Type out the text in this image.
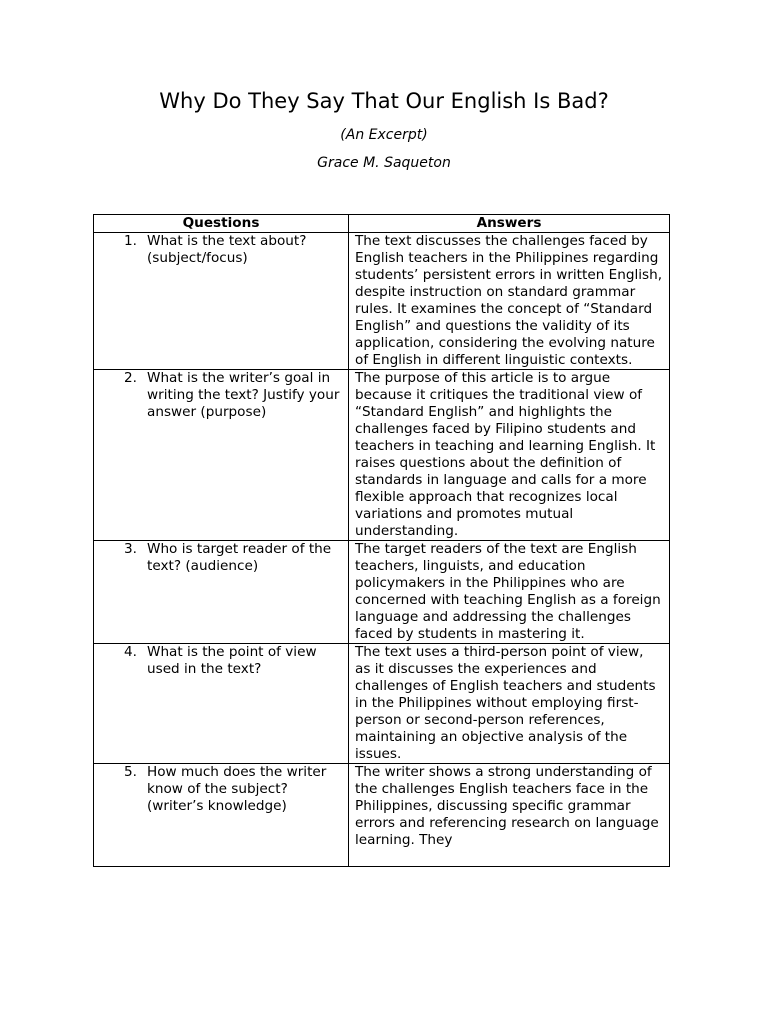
Why Do They Say That Our English Is Bad?
(An Excerpt)
Grace M. Saqueton
Questions	Answers

1. What is the text about? (subject/focus)	The text discusses the challenges faced by English teachers in the Philippines regarding students’ persistent errors in written English, despite instruction on standard grammar rules. It examines the concept of “Standard English” and questions the validity of its application, considering the evolving nature of English in different linguistic contexts.

2. What is the writer’s goal in writing the text? Justify your answer (purpose)	The purpose of this article is to argue because it critiques the traditional view of “Standard English” and highlights the challenges faced by Filipino students and teachers in teaching and learning English. It raises questions about the definition of standards in language and calls for a more flexible approach that recognizes local variations and promotes mutual understanding.

3. Who is target reader of the text? (audience)	The target readers of the text are English teachers, linguists, and education policymakers in the Philippines who are concerned with teaching English as a foreign language and addressing the challenges faced by students in mastering it.

4. What is the point of view used in the text?	The text uses a third-person point of view, as it discusses the experiences and challenges of English teachers and students in the Philippines without employing first-person or second-person references, maintaining an objective analysis of the issues.

5. How much does the writer know of the subject? (writer’s knowledge)	The writer shows a strong understanding of the challenges English teachers face in the Philippines, discussing specific grammar errors and referencing research on language learning. They
